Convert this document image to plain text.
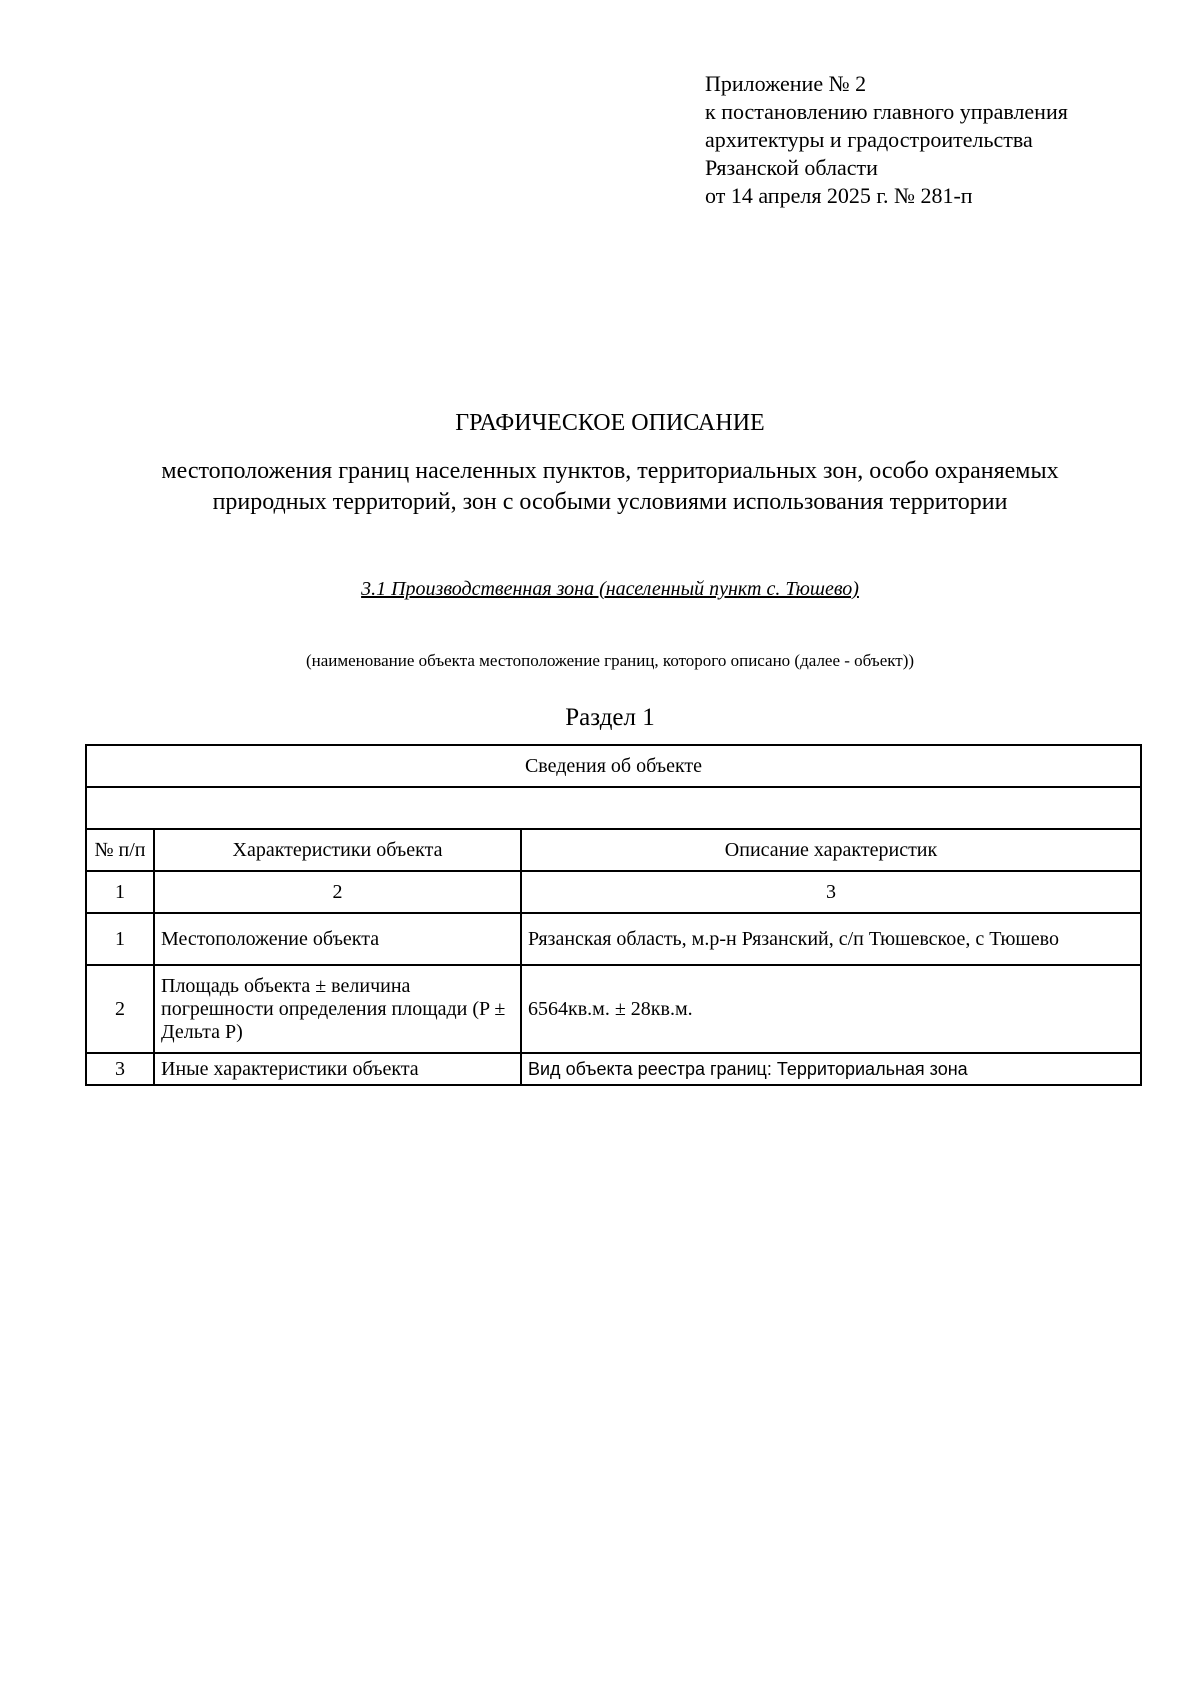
Приложение № 2
к постановлению главного управления
архитектуры и градостроительства
Рязанской области
от 14 апреля 2025 г. № 281-п
ГРАФИЧЕСКОЕ ОПИСАНИЕ
местоположения границ населенных пунктов, территориальных зон, особо охраняемых природных территорий, зон с особыми условиями использования территории
3.1 Производственная зона (населенный пункт с. Тюшево)
(наименование объекта местоположение границ, которого описано (далее - объект))
Раздел 1
Сведения об объекте		

№ п/п	Характеристики объекта	Описание характеристик
1	2	3
1	Местоположение объекта	Рязанская область, м.р-н Рязанский, с/п Тюшевское, с Тюшево
2	Площадь объекта ± величина погрешности определения площади (P ± Дельта P)	6564кв.м. ± 28кв.м.
3	Иные характеристики объекта	Вид объекта реестра границ: Территориальная зона
